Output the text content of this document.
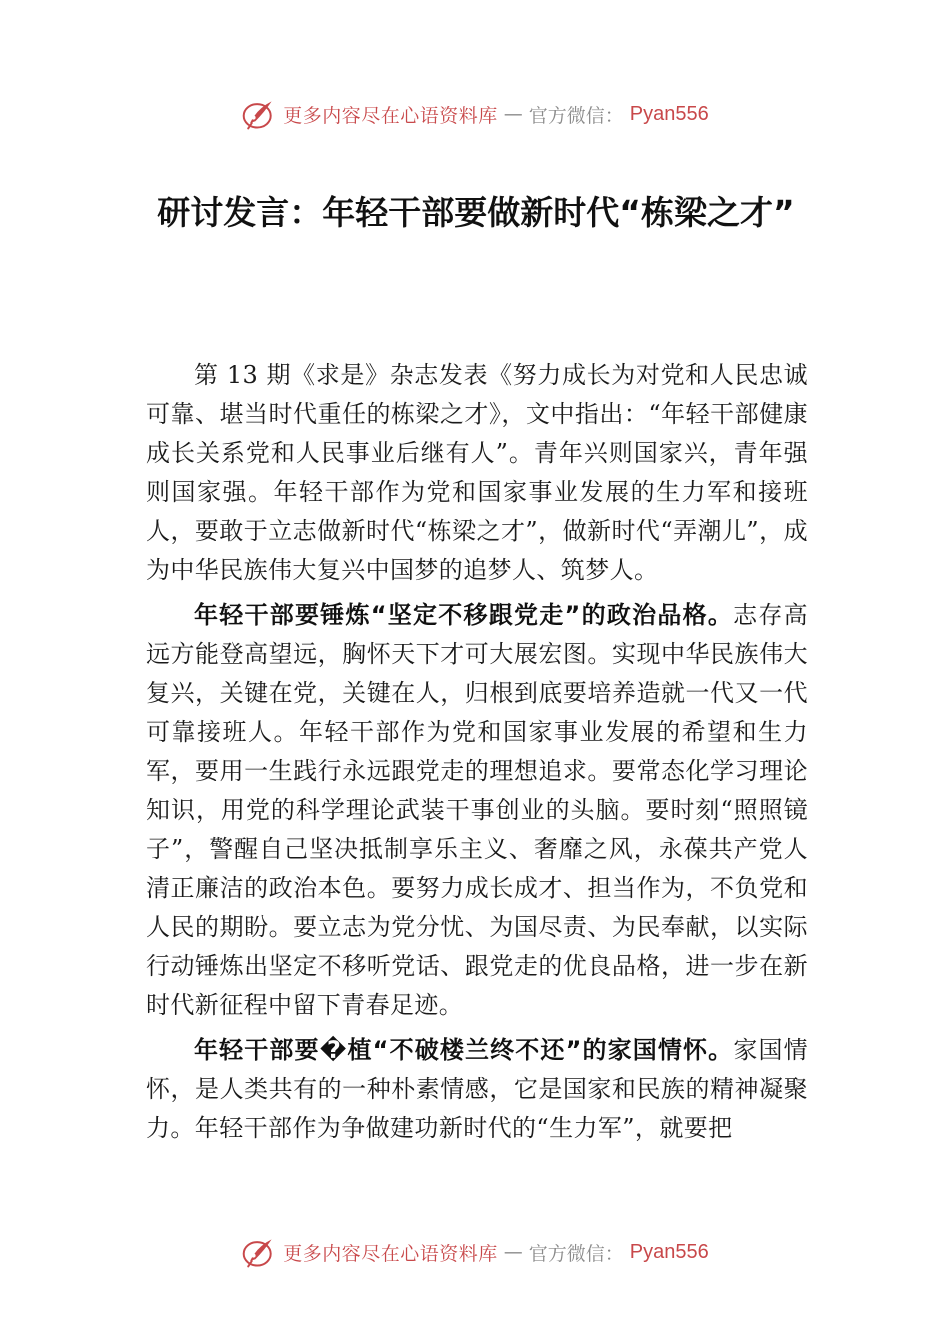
更多内容尽在心语资料库 — 官方微信： Pyan556
研讨发言：年轻干部要做新时代“栋梁之才”

第 13 期《求是》杂志发表《努力成长为对党和人民忠诚可靠、堪当时代重任的栋梁之才》，文中指出：“年轻干部健康成长关系党和人民事业后继有人”。青年兴则国家兴，青年强则国家强。年轻干部作为党和国家事业发展的生力军和接班人，要敢于立志做新时代“栋梁之才”，做新时代“弄潮儿”，成为中华民族伟大复兴中国梦的追梦人、筑梦人。

年轻干部要锤炼“坚定不移跟党走”的政治品格。志存高远方能登高望远，胸怀天下才可大展宏图。实现中华民族伟大复兴，关键在党，关键在人，归根到底要培养造就一代又一代可靠接班人。年轻干部作为党和国家事业发展的希望和生力军，要用一生践行永远跟党走的理想追求。要常态化学习理论知识，用党的科学理论武装干事创业的头脑。要时刻“照照镜子”，警醒自己坚决抵制享乐主义、奢靡之风，永葆共产党人清正廉洁的政治本色。要努力成长成才、担当作为，不负党和人民的期盼。要立志为党分忧、为国尽责、为民奉献，以实际行动锤炼出坚定不移听党话、跟党走的优良品格，进一步在新时代新征程中留下青春足迹。

年轻干部要�植“不破楼兰终不还”的家国情怀。家国情怀，是人类共有的一种朴素情感，它是国家和民族的精神凝聚力。年轻干部作为争做建功新时代的“生力军”，就要把

更多内容尽在心语资料库 — 官方微信： Pyan556
